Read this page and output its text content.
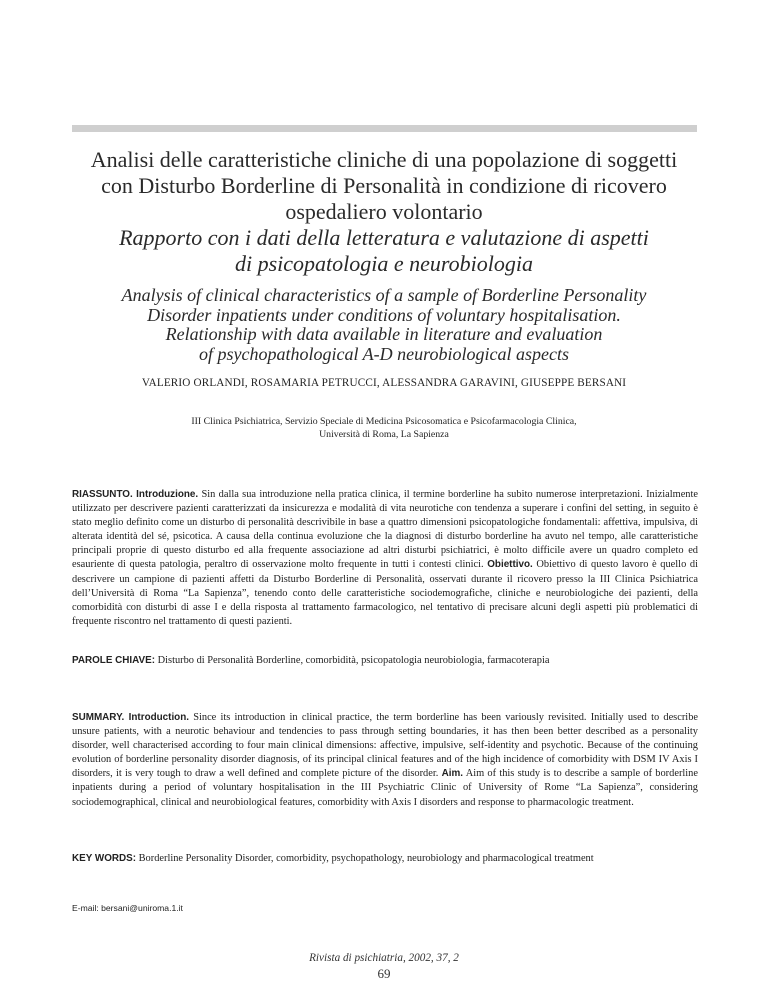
Analisi delle caratteristiche cliniche di una popolazione di soggetti

con Disturbo Borderline di Personalità in condizione di ricovero

ospedaliero volontario

Rapporto con i dati della letteratura e valutazione di aspetti

di psicopatologia e neurobiologia

Analysis of clinical characteristics of a sample of Borderline Personality

Disorder inpatients under conditions of voluntary hospitalisation.

Relationship with data available in literature and evaluation

of psychopathological A-D neurobiological aspects

VALERIO ORLANDI, ROSAMARIA PETRUCCI, ALESSANDRA GARAVINI, GIUSEPPE BERSANI

III Clinica Psichiatrica, Servizio Speciale di Medicina Psicosomatica e Psicofarmacologia Clinica,

Università di Roma, La Sapienza

RIASSUNTO. Introduzione. Sin dalla sua introduzione nella pratica clinica, il termine borderline ha subito numerose interpretazioni. Inizialmente utilizzato per descrivere pazienti caratterizzati da insicurezza e modalità di vita neurotiche con tendenza a superare i confini del setting, in seguito è stato meglio definito come un disturbo di personalità descrivibile in base a quattro dimensioni psicopatologiche fondamentali: affettiva, impulsiva, di alterata identità del sé, psicotica. A causa della continua evoluzione che la diagnosi di disturbo borderline ha avuto nel tempo, alle caratteristiche principali proprie di questo disturbo ed alla frequente associazione ad altri disturbi psichiatrici, è molto difficile avere un quadro completo ed esauriente di questa patologia, peraltro di osservazione molto frequente in tutti i contesti clinici. Obiettivo. Obiettivo di questo lavoro è quello di descrivere un campione di pazienti affetti da Disturbo Borderline di Personalità, osservati durante il ricovero presso la III Clinica Psichiatrica dell’Università di Roma “La Sapienza”, tenendo conto delle caratteristiche sociodemografiche, cliniche e neurobiologiche dei pazienti, della comorbidità con disturbi di asse I e della risposta al trattamento farmacologico, nel tentativo di precisare alcuni degli aspetti più problematici di frequente riscontro nel trattamento di questi pazienti.

PAROLE CHIAVE: Disturbo di Personalità Borderline, comorbidità, psicopatologia neurobiologia, farmacoterapia

SUMMARY. Introduction. Since its introduction in clinical practice, the term borderline has been variously revisited. Initially used to describe unsure patients, with a neurotic behaviour and tendencies to pass through setting boundaries, it has then been better described as a personality disorder, well characterised according to four main clinical dimensions: affective, impulsive, self-identity and psychotic. Because of the continuing evolution of borderline personality disorder diagnosis, of its principal clinical features and of the high incidence of comorbidity with DSM IV Axis I disorders, it is very tough to draw a well defined and complete picture of the disorder. Aim. Aim of this study is to describe a sample of borderline inpatients during a period of voluntary hospitalisation in the III Psychiatric Clinic of University of Rome “La Sapienza”, considering sociodemographical, clinical and neurobiological features, comorbidity with Axis I disorders and response to pharmacologic treatment.

KEY WORDS: Borderline Personality Disorder, comorbidity, psychopathology, neurobiology and pharmacological treatment

E-mail: bersani@uniroma.1.it
Rivista di psichiatria, 2002, 37, 2
69
